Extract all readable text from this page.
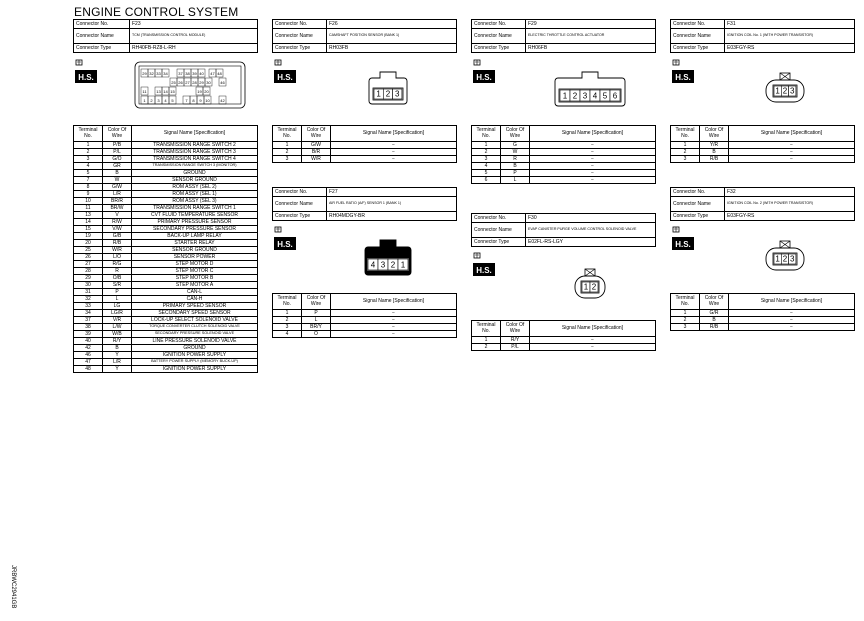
ENGINE CONTROL SYSTEM
Connector No.	F23
Connector Name	TCM (TRANSMISSION CONTROL MODULE)
Connector Type	RH40FB-RZ8-L-RH
H.S.	29 32 33 34	37 38 39 40 47 48
25 26 27 28 29 30 46
11 13 14 15	19 20
1 2 3 4 5	7 8 9 10	42
Terminal
No.	Color Of
Wire	Signal Name [Specification]
1	P/B	TRANSMISSION RANGE SWITCH 2
2	P/L	TRANSMISSION RANGE SWITCH 3
3	G/O	TRANSMISSION RANGE SWITCH 4
4	GR	TRANSMISSION RANGE SWITCH 3 (MONITOR)
5	B	GROUND
7	W	SENSOR GROUND
8	G/W	ROM ASSY (SEL 2)
9	L/R	ROM ASSY (SEL 1)
10	BR/R	ROM ASSY (SEL 3)
11	BR/W	TRANSMISSION RANGE SWITCH 1
13	V	CVT FLUID TEMPERATURE SENSOR
14	R/W	PRIMARY PRESSURE SENSOR
15	V/W	SECONDARY PRESSURE SENSOR
19	G/B	BACK-UP LAMP RELAY
20	R/B	STARTER RELAY
25	W/R	SENSOR GROUND
26	L/O	SENSOR POWER
27	R/G	STEP MOTOR D
28	R	STEP MOTOR C
29	O/B	STEP MOTOR B
30	S/R	STEP MOTOR A
31	P	CAN-L
32	L	CAN-H
33	LG	PRIMARY SPEED SENSOR
34	LG/R	SECONDARY SPEED SENSOR
37	V/R	LOCK-UP SELECT SOLENOID VALVE
38	L/W	TORQUE CONVERTER CLUTCH SOLENOID VALVE
39	W/B	SECONDARY PRESSURE SOLENOID VALVE
40	R/Y	LINE PRESSURE SOLENOID VALVE
42	B	GROUND
46	Y	IGNITION POWER SUPPLY
47	L/R	BATTERY POWER SUPPLY (MEMORY BUCK-UP)
48	Y	IGNITION POWER SUPPLY
Connector No.	F26
Connector Name	CAMSHAFT POSITION SENSOR (BANK 1)
Connector Type	RH03FB
H.S.
1 2 3
Terminal
No.	Color Of
Wire	Signal Name [Specification]
1	G/W	−
2	B/R	−
3	W/R	−
Connector No.	F27
Connector Name	AIR FUEL RATIO (A/F) SENSOR 1 (BANK 1)
Connector Type	RH04MDGY-BR
H.S.
4 3 2 1
Terminal
No.	Color Of
Wire	Signal Name [Specification]
1	P	−
2	L	−
3	BR/Y	−
4	O	−
Connector No.	F29
Connector Name	ELECTRIC THROTTLE CONTROL ACTUATOR
Connector Type	RH06FB
H.S.
1 2 3 4 5 6
Terminal
No.	Color Of
Wire	Signal Name [Specification]
1	G	−
2	W	−
3	R	−
4	B	−
5	P	−
6	L	−
Connector No.	F30
Connector Name	EVAP CANISTER PURGE VOLUME CONTROL SOLENOID VALVE
Connector Type	E02FL-RS-LGY
H.S.
1 2
Terminal
No.	Color Of
Wire	Signal Name [Specification]
1	R/Y	−
2	P/L	−
Connector No.	F31
Connector Name	IGNITION COIL No. 1 (WITH POWER TRANSISTOR)
Connector Type	E03FGY-RS
H.S.
1 2 3
Terminal
No.	Color Of
Wire	Signal Name [Specification]
1	Y/R	−
2	B	−
3	R/B	−
Connector No.	F32
Connector Name	IGNITION COIL No. 2 (WITH POWER TRANSISTOR)
Connector Type	E03FGY-RS
H.S.
1 2 3
Terminal
No.	Color Of
Wire	Signal Name [Specification]
1	G/R	−
2	B	−
3	R/B	−
JRBWC2941GB
